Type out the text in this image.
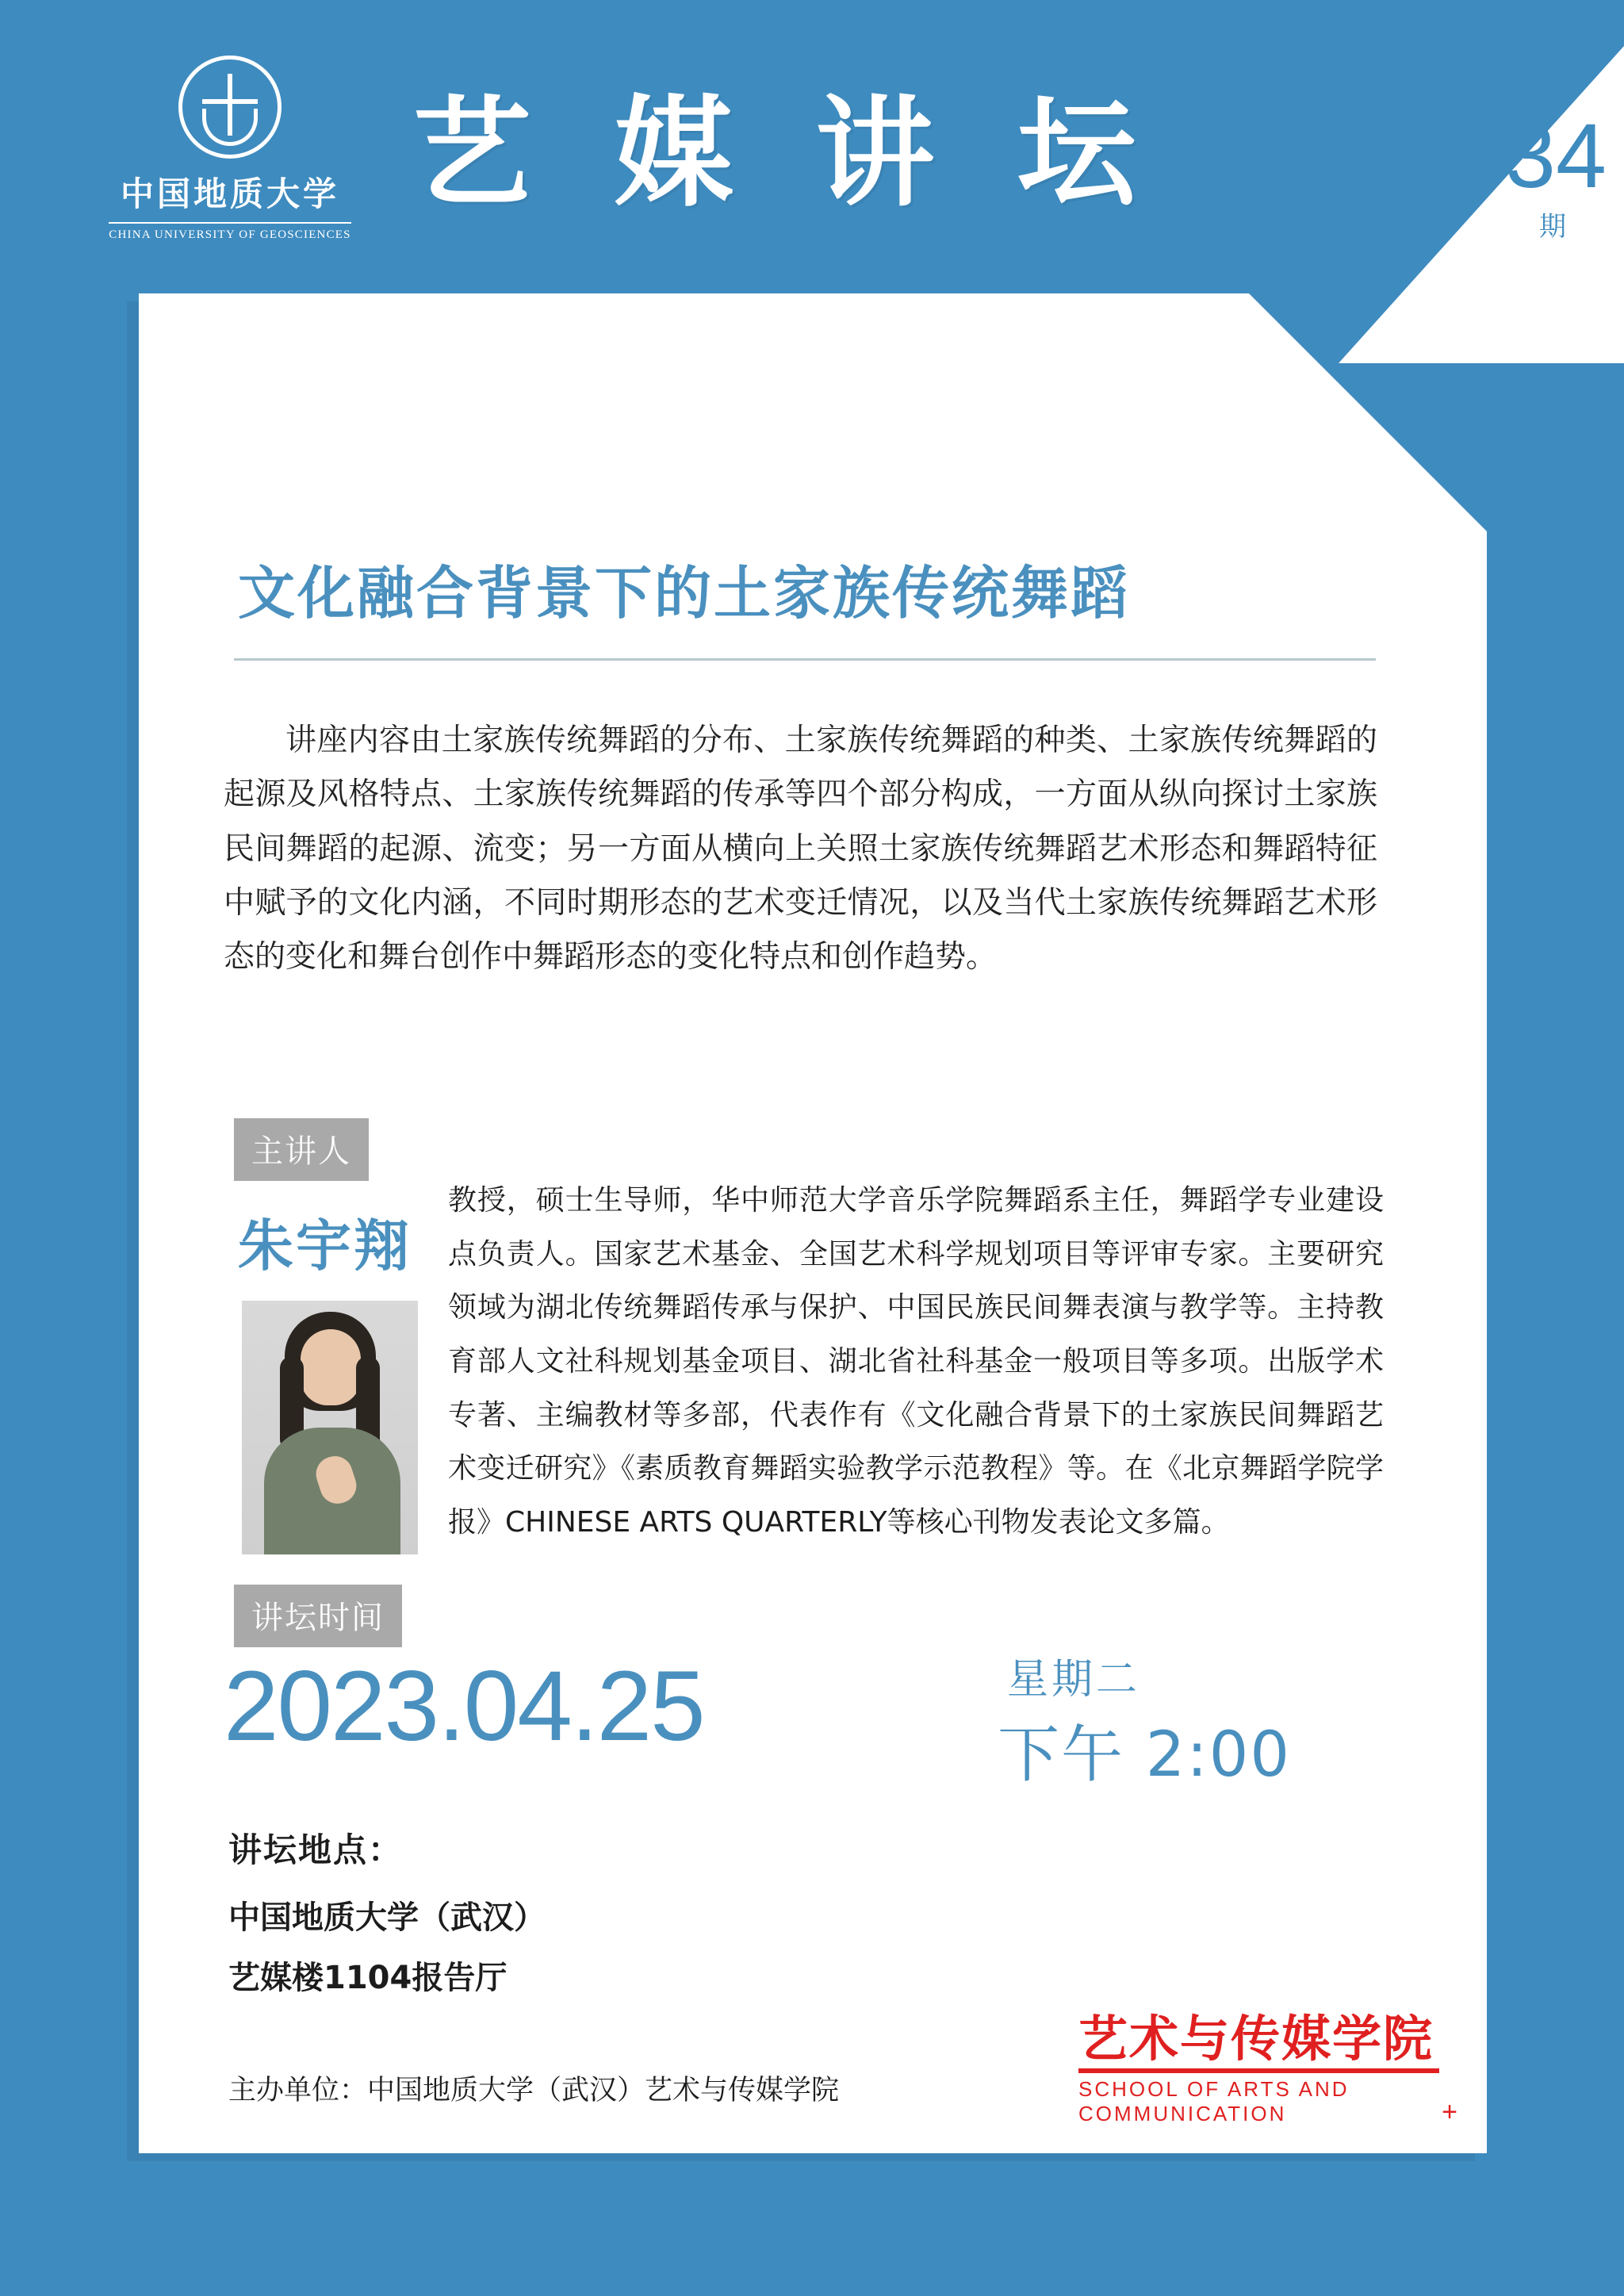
中国地质大学
CHINA UNIVERSITY OF GEOSCIENCES
艺 媒 讲 坛	第
34
期
文化融合背景下的土家族传统舞蹈
讲座内容由土家族传统舞蹈的分布、土家族传统舞蹈的种类、土家族传统舞蹈的起源及风格特点、土家族传统舞蹈的传承等四个部分构成，一方面从纵向探讨土家族民间舞蹈的起源、流变；另一方面从横向上关照土家族传统舞蹈艺术形态和舞蹈特征中赋予的文化内涵，不同时期形态的艺术变迁情况，以及当代土家族传统舞蹈艺术形态的变化和舞台创作中舞蹈形态的变化特点和创作趋势。
主讲人
朱宇翔
教授，硕士生导师，华中师范大学音乐学院舞蹈系主任，舞蹈学专业建设点负责人。国家艺术基金、全国艺术科学规划项目等评审专家。主要研究领域为湖北传统舞蹈传承与保护、中国民族民间舞表演与教学等。主持教育部人文社科规划基金项目、湖北省社科基金一般项目等多项。出版学术专著、主编教材等多部，代表作有《文化融合背景下的土家族民间舞蹈艺术变迁研究》《素质教育舞蹈实验教学示范教程》等。在《北京舞蹈学院学报》CHINESE ARTS QUARTERLY等核心刊物发表论文多篇。
讲坛时间
2023.04.25	星期二
下午 2:00
讲坛地点：
中国地质大学（武汉）
艺媒楼1104报告厅
主办单位：中国地质大学（武汉）艺术与传媒学院
艺术与传媒学院
SCHOOL OF ARTS AND COMMUNICATION	+
